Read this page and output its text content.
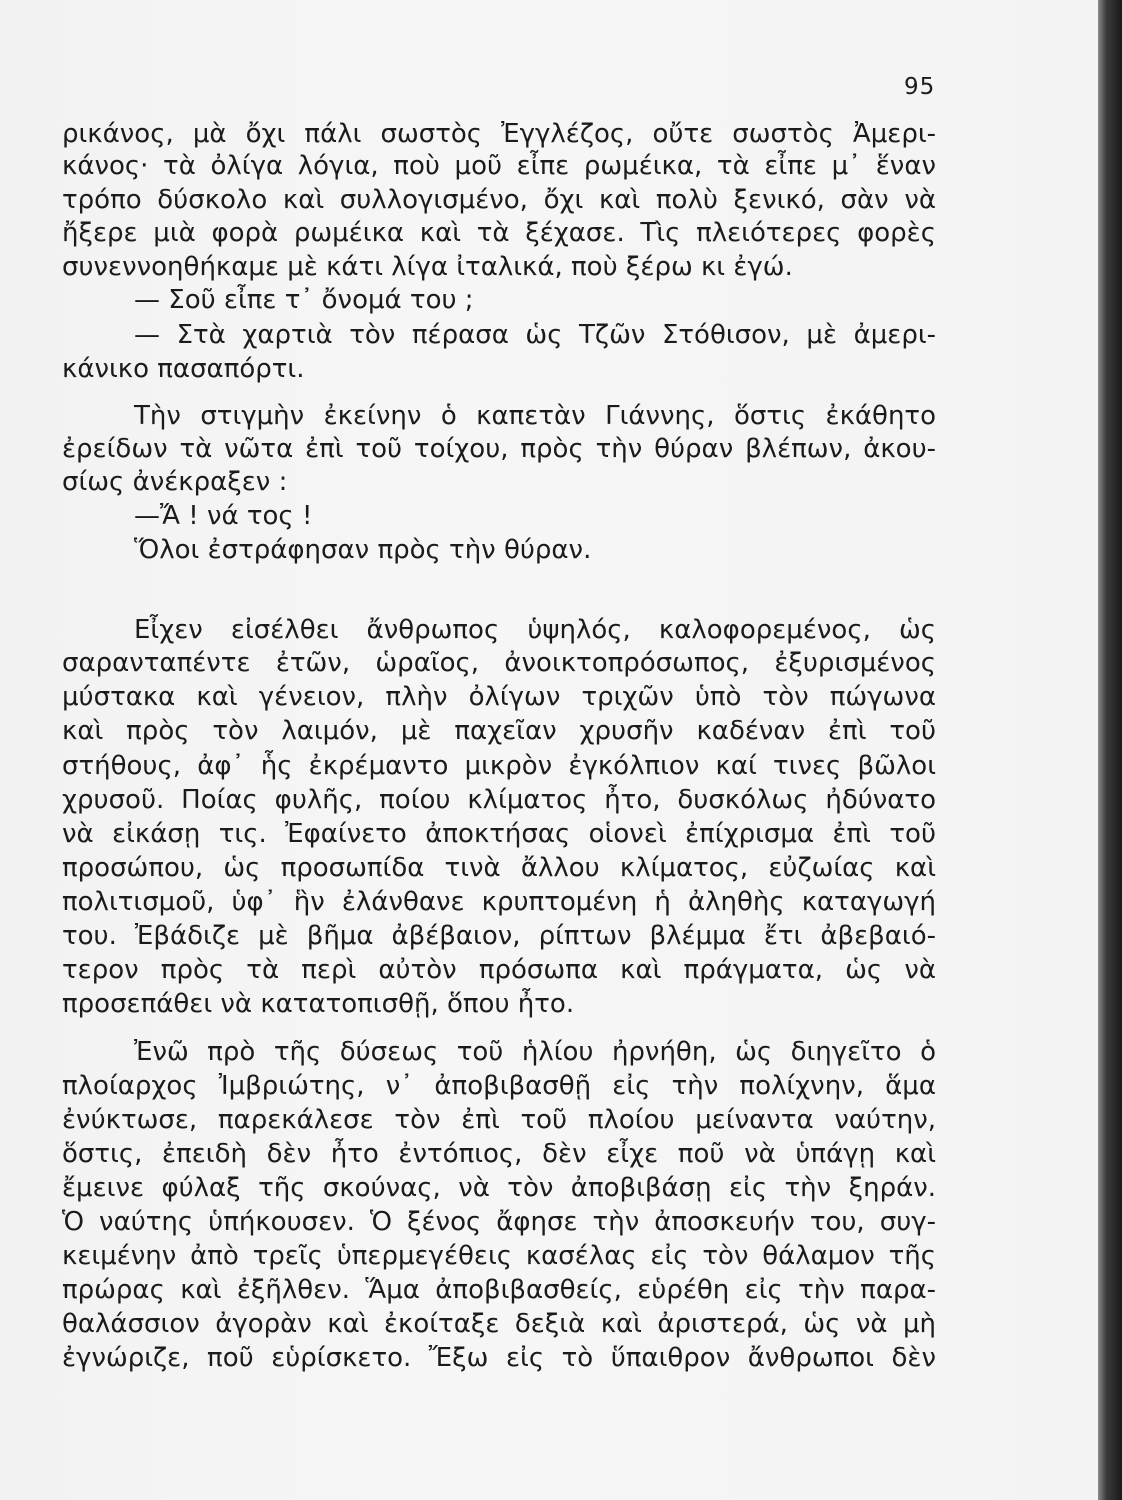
95
ρικάνος, μὰ ὄχι πάλι σωστὸς Ἐγγλέζος, οὔτε σωστὸς Ἀμερι-
κάνος· τὰ ὀλίγα λόγια, ποὺ μοῦ εἶπε ρωμέικα, τὰ εἶπε μ᾽ ἕναν
τρόπο δύσκολο καὶ συλλογισμένο, ὄχι καὶ πολὺ ξενικό, σὰν νὰ
ἤξερε μιὰ φορὰ ρωμέικα καὶ τὰ ξέχασε. Τὶς πλειότερες φορὲς
συνεννοηθήκαμε μὲ κάτι λίγα ἰταλικά, ποὺ ξέρω κι ἐγώ.
— Σοῦ εἶπε τ᾽ ὄνομά του ;
— Στὰ χαρτιὰ τὸν πέρασα ὡς Τζῶν Στόθισον, μὲ ἀμερι-
κάνικο πασαπόρτι.
Τὴν στιγμὴν ἐκείνην ὁ καπετὰν Γιάννης, ὅστις ἐκάθητο
ἐρείδων τὰ νῶτα ἐπὶ τοῦ τοίχου, πρὸς τὴν θύραν βλέπων, ἀκου-
σίως ἀνέκραξεν :
—Ἄ ! νά τος !
Ὅλοι ἐστράφησαν πρὸς τὴν θύραν.
Εἶχεν εἰσέλθει ἄνθρωπος ὑψηλός, καλοφορεμένος, ὡς
σαρανταπέντε ἐτῶν, ὡραῖος, ἀνοικτοπρόσωπος, ἐξυρισμένος
μύστακα καὶ γένειον, πλὴν ὀλίγων τριχῶν ὑπὸ τὸν πώγωνα
καὶ πρὸς τὸν λαιμόν, μὲ παχεῖαν χρυσῆν καδέναν ἐπὶ τοῦ
στήθους, ἀφ᾽ ἧς ἐκρέμαντο μικρὸν ἐγκόλπιον καί τινες βῶλοι
χρυσοῦ. Ποίας φυλῆς, ποίου κλίματος ἦτο, δυσκόλως ἠδύνατο
νὰ εἰκάσῃ τις. Ἐφαίνετο ἀποκτήσας οἱονεὶ ἐπίχρισμα ἐπὶ τοῦ
προσώπου, ὡς προσωπίδα τινὰ ἄλλου κλίματος, εὐζωίας καὶ
πολιτισμοῦ, ὑφ᾽ ἣν ἐλάνθανε κρυπτομένη ἡ ἀληθὴς καταγωγή
του. Ἐβάδιζε μὲ βῆμα ἀβέβαιον, ρίπτων βλέμμα ἔτι ἀβεβαιό-
τερον πρὸς τὰ περὶ αὐτὸν πρόσωπα καὶ πράγματα, ὡς νὰ
προσεπάθει νὰ κατατοπισθῇ, ὅπου ἦτο.
Ἐνῶ πρὸ τῆς δύσεως τοῦ ἡλίου ἠρνήθη, ὡς διηγεῖτο ὁ
πλοίαρχος Ἰμβριώτης, ν᾽ ἀποβιβασθῇ εἰς τὴν πολίχνην, ἅμα
ἐνύκτωσε, παρεκάλεσε τὸν ἐπὶ τοῦ πλοίου μείναντα ναύτην,
ὅστις, ἐπειδὴ δὲν ἦτο ἐντόπιος, δὲν εἶχε ποῦ νὰ ὑπάγῃ καὶ
ἔμεινε φύλαξ τῆς σκούνας, νὰ τὸν ἀποβιβάσῃ εἰς τὴν ξηράν.
Ὁ ναύτης ὑπήκουσεν. Ὁ ξένος ἄφησε τὴν ἀποσκευήν του, συγ-
κειμένην ἀπὸ τρεῖς ὑπερμεγέθεις κασέλας εἰς τὸν θάλαμον τῆς
πρώρας καὶ ἐξῆλθεν. Ἅμα ἀποβιβασθείς, εὑρέθη εἰς τὴν παρα-
θαλάσσιον ἀγορὰν καὶ ἐκοίταξε δεξιὰ καὶ ἀριστερά, ὡς νὰ μὴ
ἐγνώριζε, ποῦ εὑρίσκετο. Ἔξω εἰς τὸ ὕπαιθρον ἄνθρωποι δὲν
